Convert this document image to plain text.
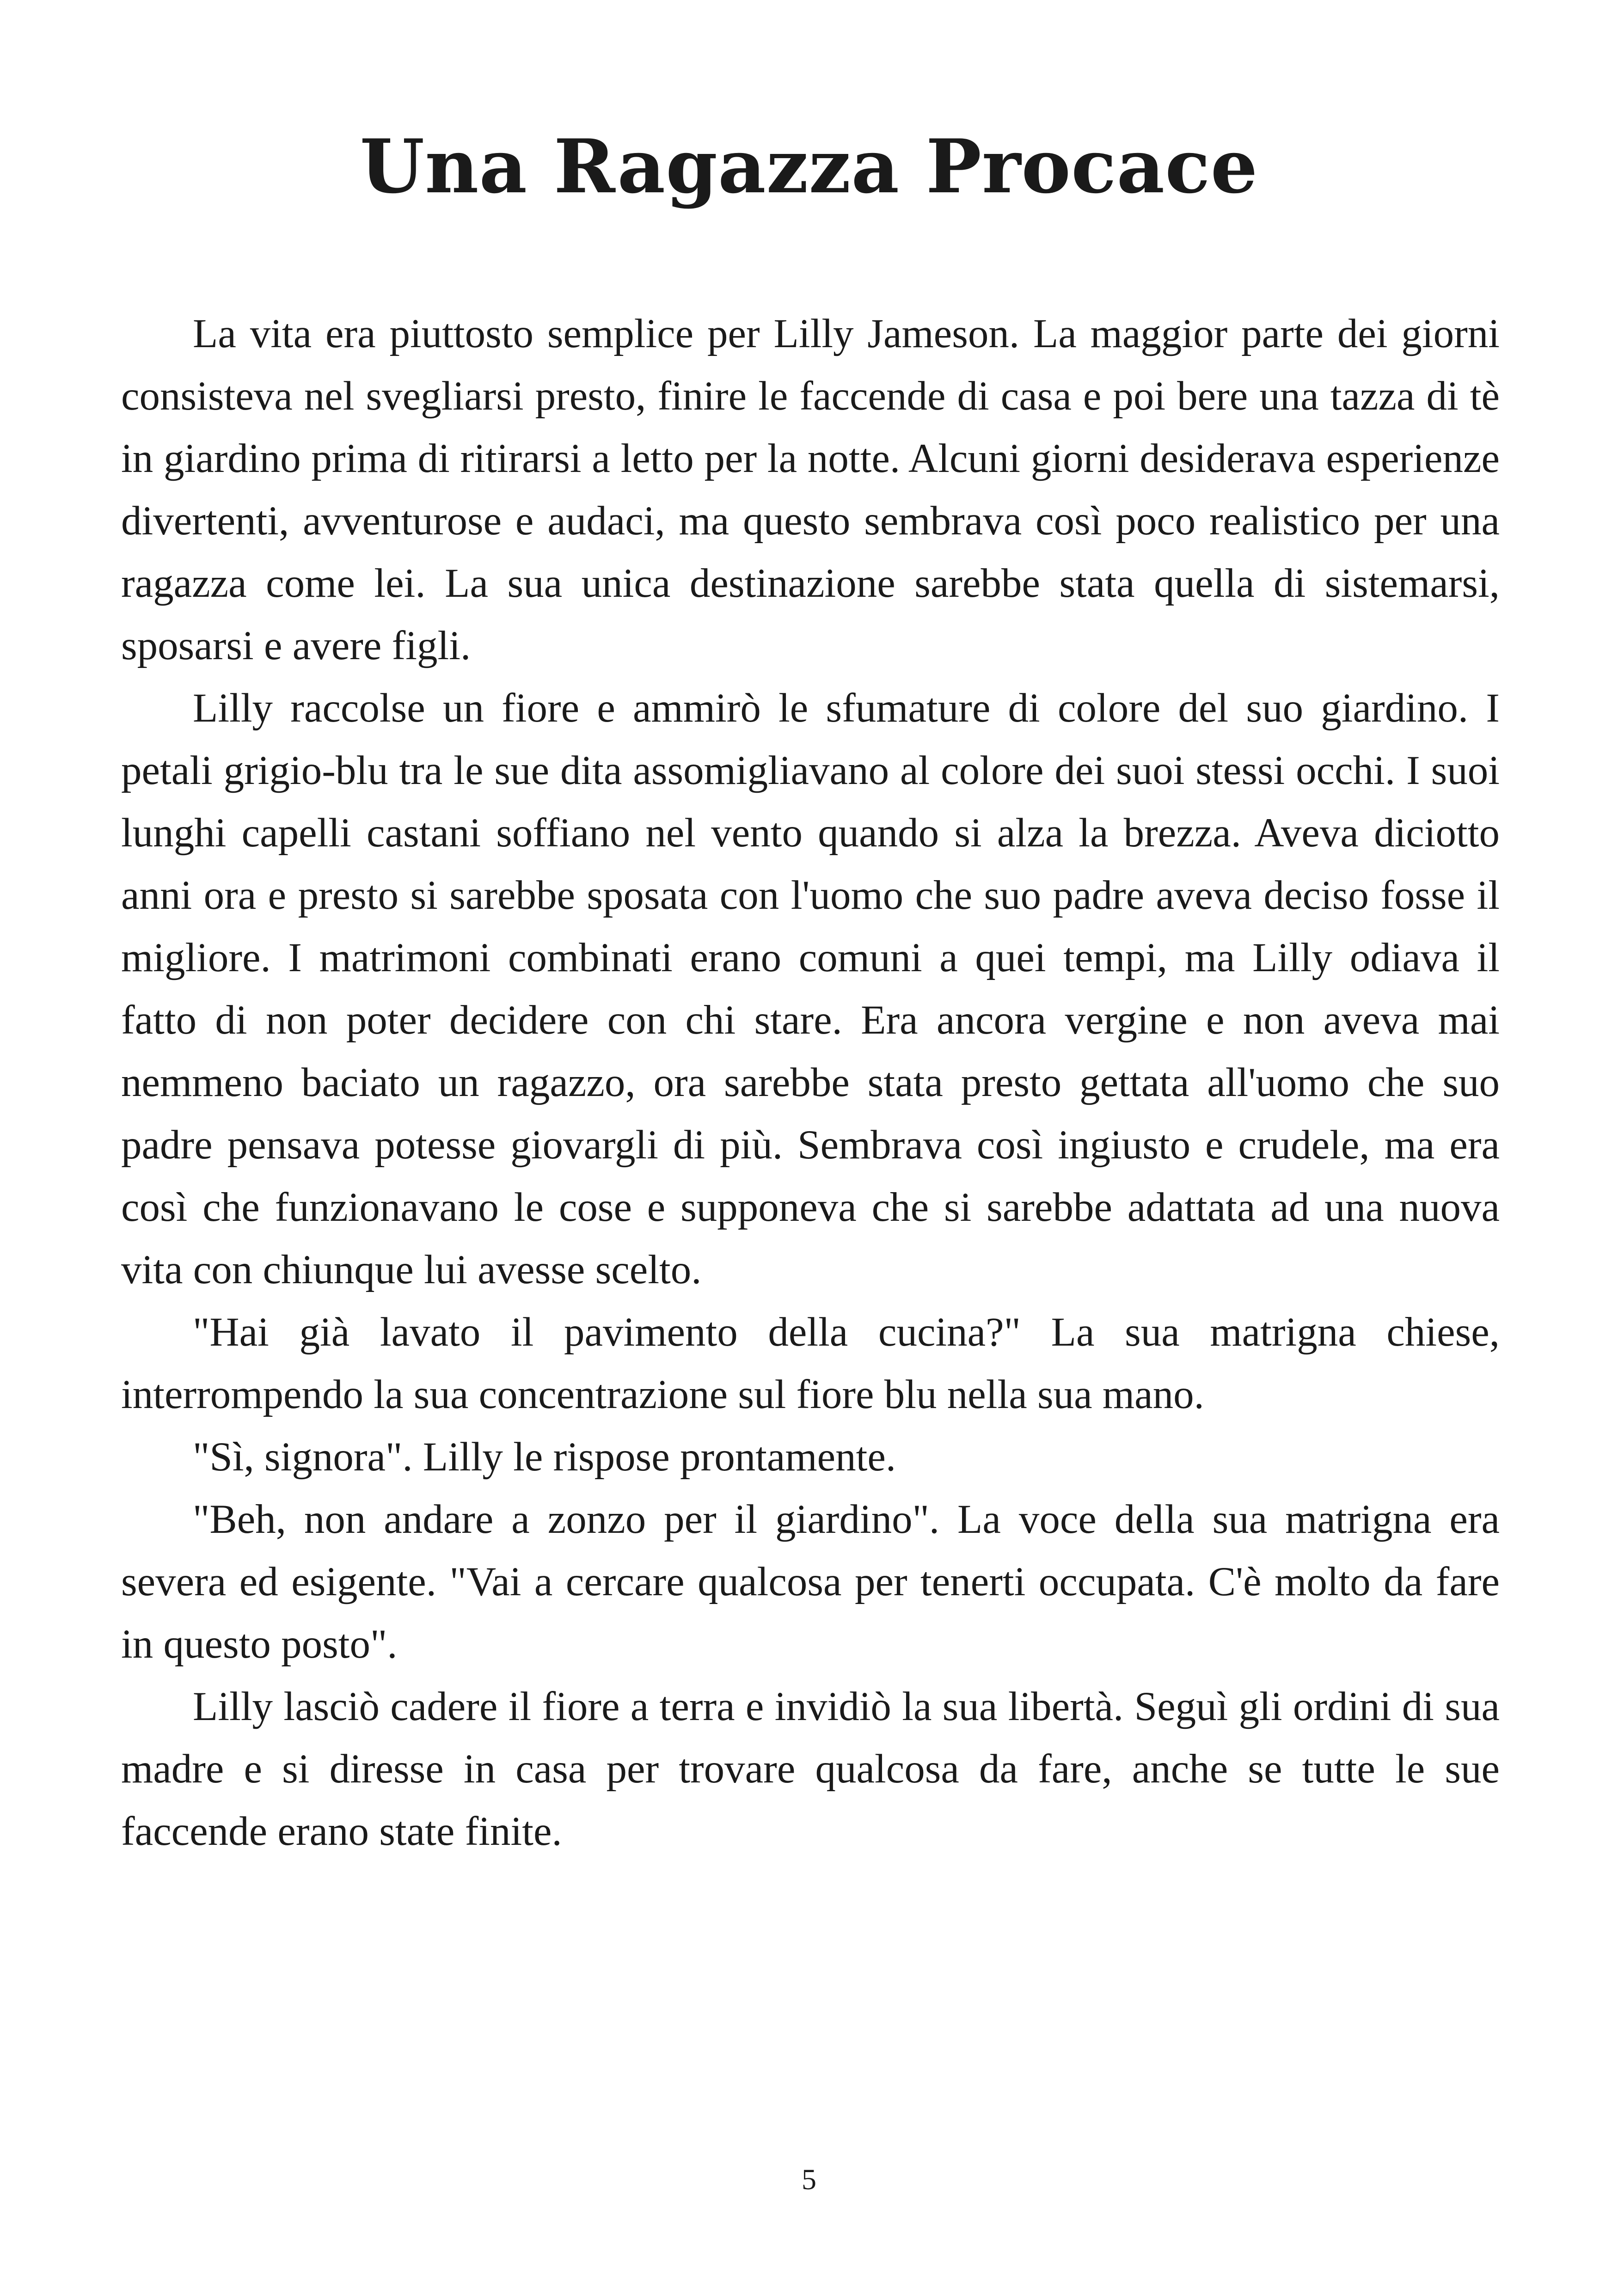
Una Ragazza Procace

La vita era piuttosto semplice per Lilly Jameson. La maggior parte dei giorni consisteva nel svegliarsi presto, finire le faccende di casa e poi bere una tazza di tè in giardino prima di ritirarsi a letto per la notte. Alcuni giorni desiderava esperienze divertenti, avventurose e audaci, ma questo sembrava così poco realistico per una ragazza come lei. La sua unica destinazione sarebbe stata quella di sistemarsi, sposarsi e avere figli.

Lilly raccolse un fiore e ammirò le sfumature di colore del suo giardino. I petali grigio-blu tra le sue dita assomigliavano al colore dei suoi stessi occhi. I suoi lunghi capelli castani soffiano nel vento quando si alza la brezza. Aveva diciotto anni ora e presto si sarebbe sposata con l'uomo che suo padre aveva deciso fosse il migliore. I matrimoni combinati erano comuni a quei tempi, ma Lilly odiava il fatto di non poter decidere con chi stare. Era ancora vergine e non aveva mai nemmeno baciato un ragazzo, ora sarebbe stata presto gettata all'uomo che suo padre pensava potesse giovargli di più. Sembrava così ingiusto e crudele, ma era così che funzionavano le cose e supponeva che si sarebbe adattata ad una nuova vita con chiunque lui avesse scelto.

"Hai già lavato il pavimento della cucina?" La sua matrigna chiese, interrompendo la sua concentrazione sul fiore blu nella sua mano.

"Sì, signora". Lilly le rispose prontamente.

"Beh, non andare a zonzo per il giardino". La voce della sua matrigna era severa ed esigente. "Vai a cercare qualcosa per tenerti occupata. C'è molto da fare in questo posto".

Lilly lasciò cadere il fiore a terra e invidiò la sua libertà. Seguì gli ordini di sua madre e si diresse in casa per trovare qualcosa da fare, anche se tutte le sue faccende erano state finite.

5
